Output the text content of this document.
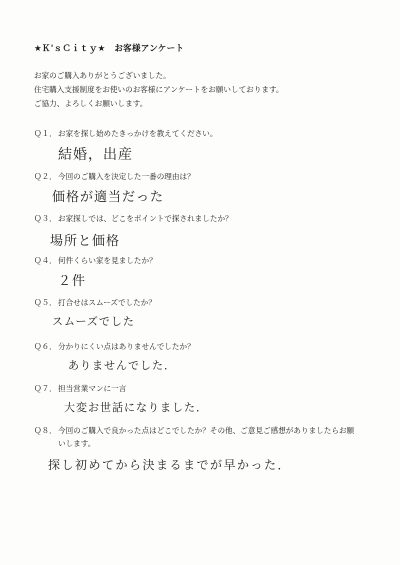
★Ｋ'ｓＣｉｔｙ★　お客様アンケート
お家のご購入ありがとうございました。
住宅購入支援制度をお使いのお客様にアンケートをお願いしております。
ご協力、よろしくお願いします。
Ｑ１．お家を探し始めたきっかけを教えてください。
結婚，出産
Ｑ２．今回のご購入を決定した一番の理由は？
価格が適当だった
Ｑ３．お家探しでは、どこをポイントで探されましたか？
場所と価格
Ｑ４．何件くらい家を見ましたか？
２件
Ｑ５．打合せはスムーズでしたか？
スムーズでした
Ｑ６．分かりにくい点はありませんでしたか？
ありませんでした．
Ｑ７．担当営業マンに一言
大変お世話になりました．
Ｑ８．今回のご購入で良かった点はどこでしたか？その他、ご意見ご感想がありましたらお願
いします。
探し初めてから決まるまでが早かった．
